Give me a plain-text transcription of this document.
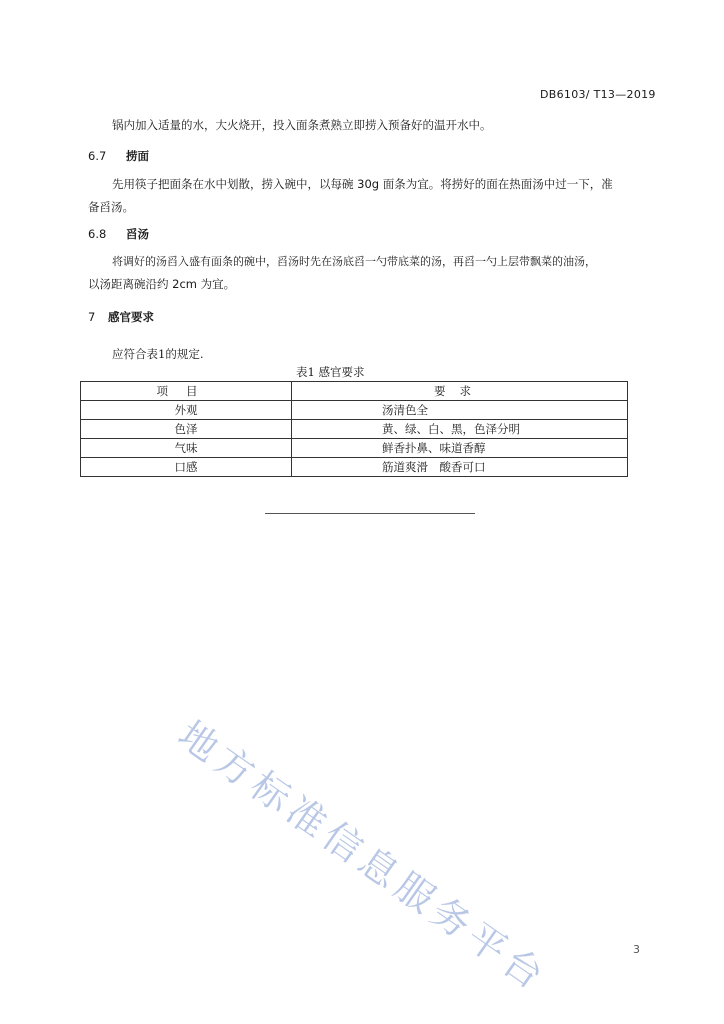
DB6103/ T13—2019
锅内加入适量的水，大火烧开，投入面条煮熟立即捞入预备好的温开水中。
6.7 捞面
先用筷子把面条在水中划散，捞入碗中，以每碗 30g 面条为宜。将捞好的面在热面汤中过一下，准
备舀汤。
6.8 舀汤
将调好的汤舀入盛有面条的碗中，舀汤时先在汤底舀一勺带底菜的汤，再舀一勺上层带飘菜的油汤，
以汤距离碗沿约 2cm 为宜。
7 感官要求
应符合表1的规定.
表1 感官要求
项目	要求
外观	汤清色全
色泽	黄、绿、白、黑，色泽分明
气味	鲜香扑鼻、味道香醇
口感	筋道爽滑　酸香可口
地方标准信息服务平台	3
